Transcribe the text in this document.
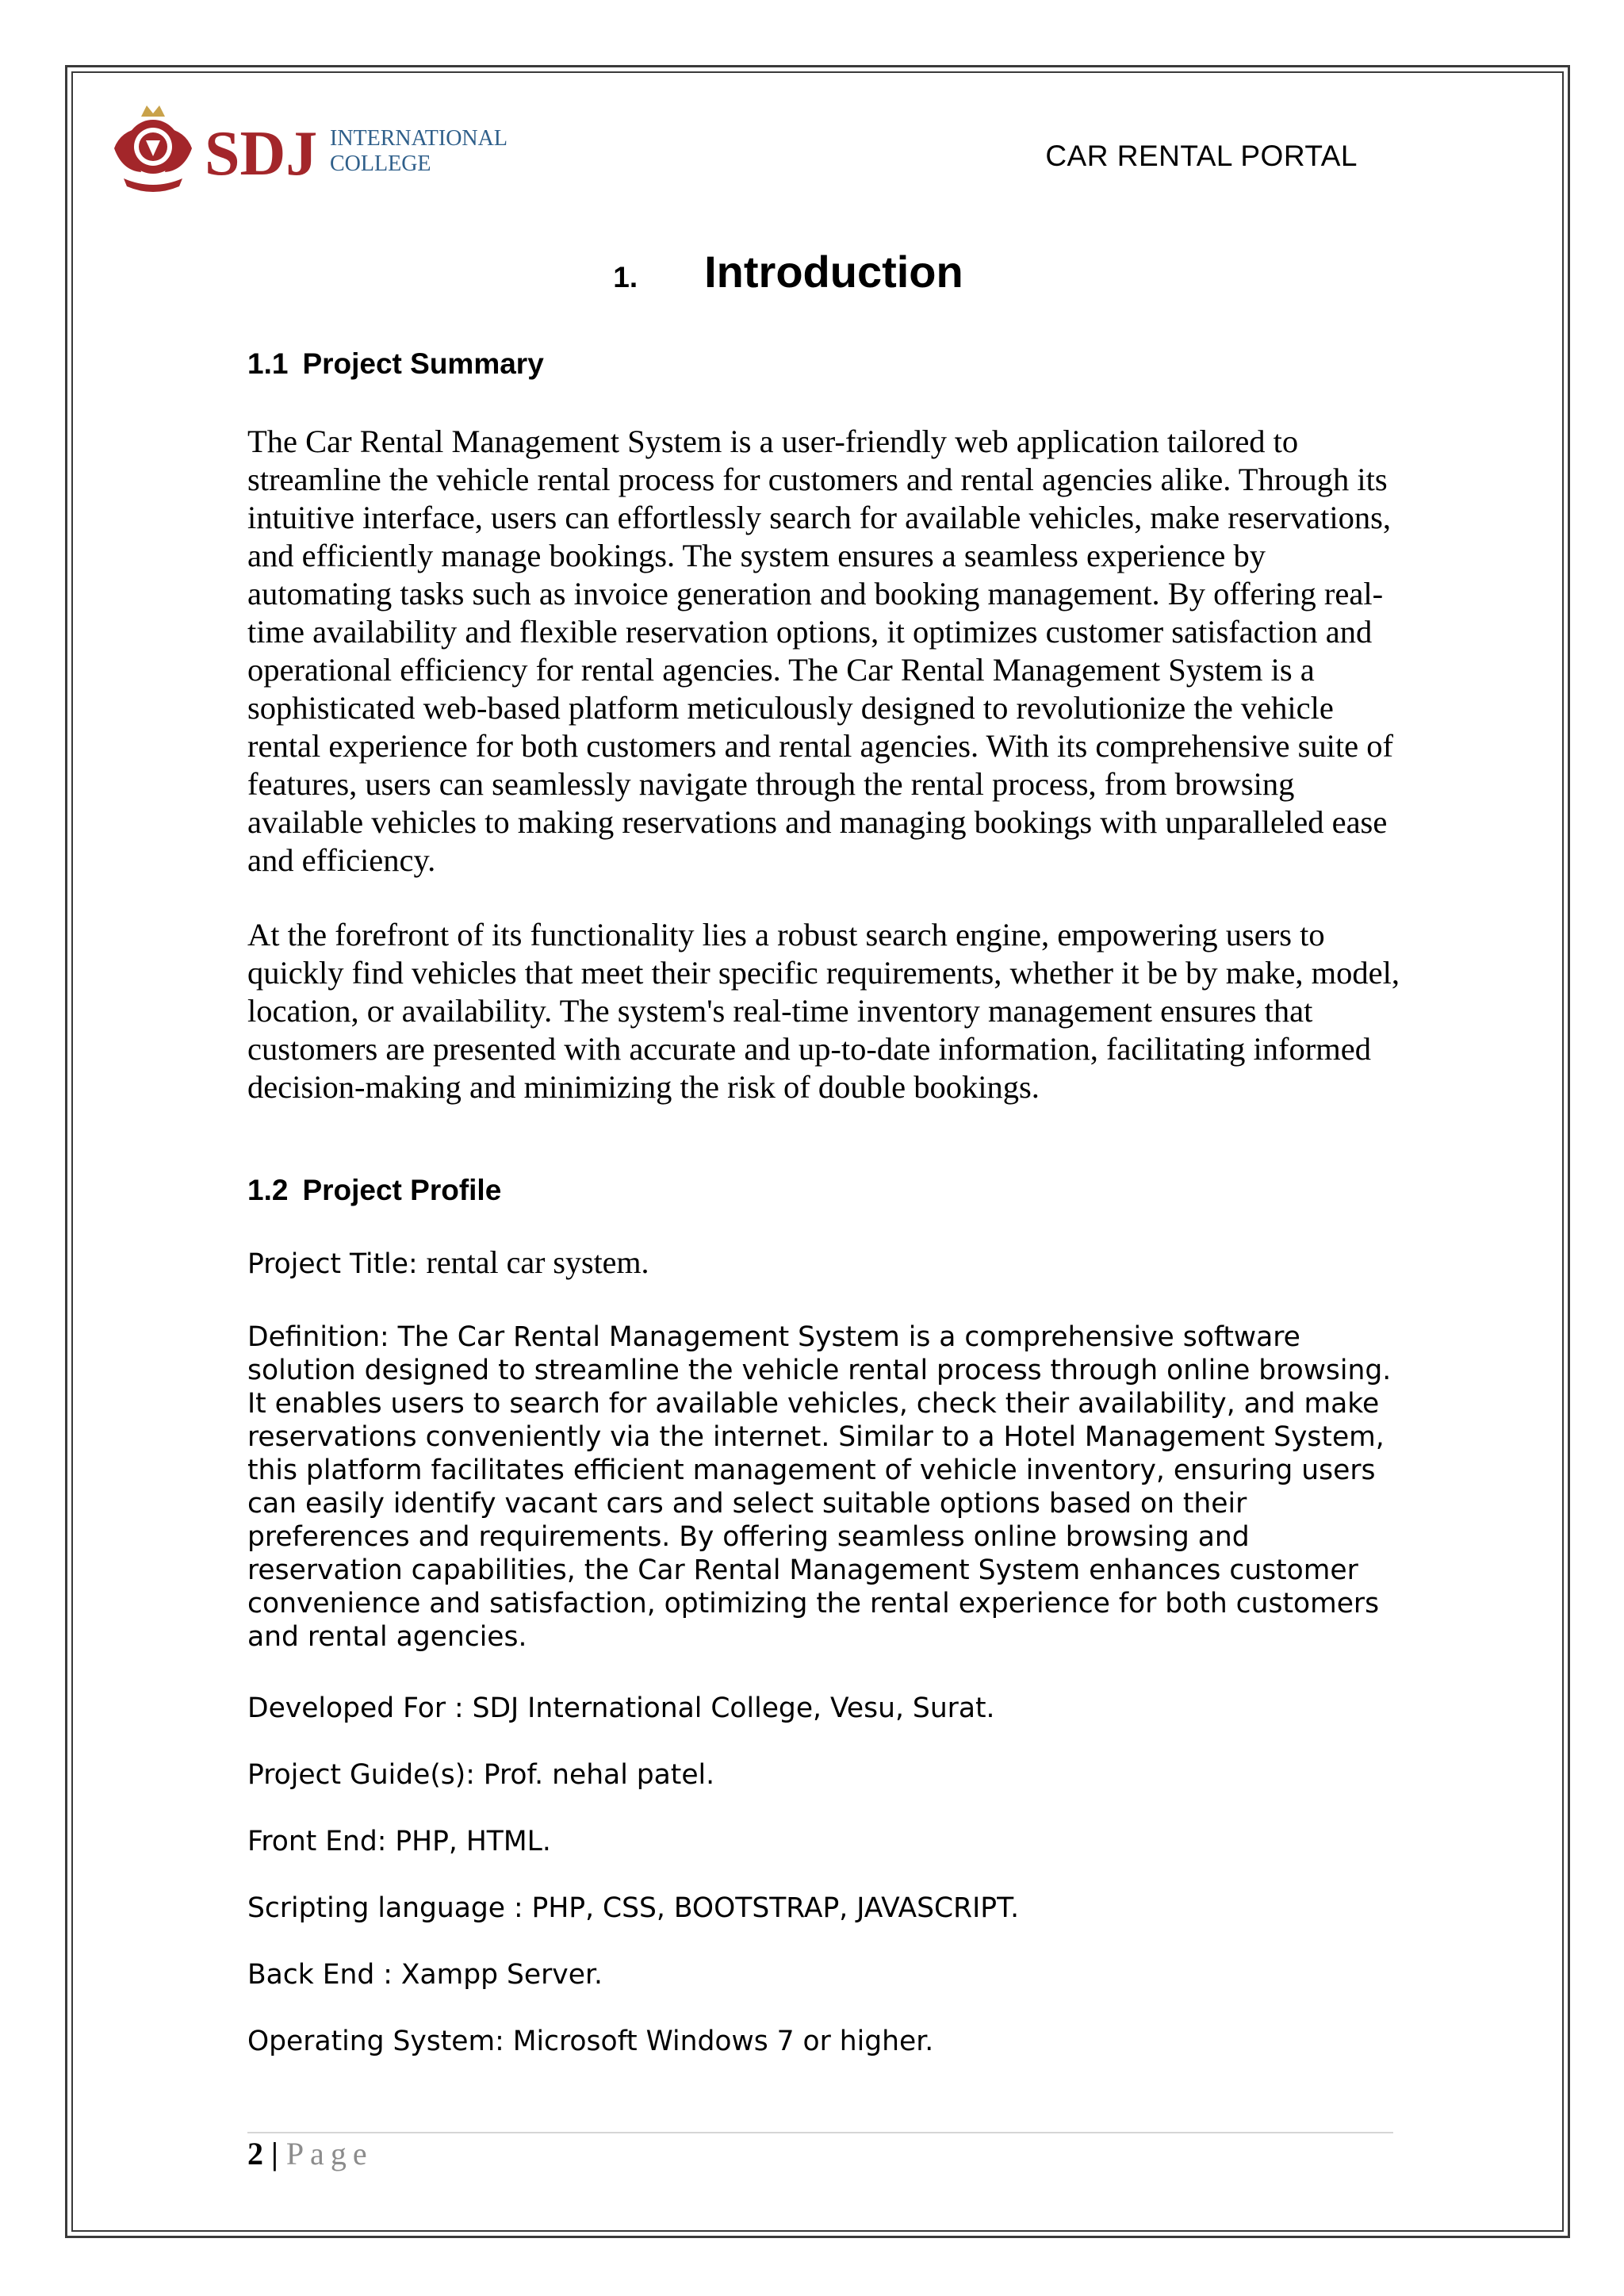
SDJ INTERNATIONAL
COLLEGE	CAR RENTAL PORTAL
1. Introduction
1.1 Project Summary
The Car Rental Management System is a user-friendly web application tailored to streamline the vehicle rental process for customers and rental agencies alike. Through its intuitive interface, users can effortlessly search for available vehicles, make reservations, and efficiently manage bookings. The system ensures a seamless experience by automating tasks such as invoice generation and booking management. By offering real-time availability and flexible reservation options, it optimizes customer satisfaction and operational efficiency for rental agencies. The Car Rental Management System is a sophisticated web-based platform meticulously designed to revolutionize the vehicle rental experience for both customers and rental agencies. With its comprehensive suite of features, users can seamlessly navigate through the rental process, from browsing available vehicles to making reservations and managing bookings with unparalleled ease and efficiency.
At the forefront of its functionality lies a robust search engine, empowering users to quickly find vehicles that meet their specific requirements, whether it be by make, model, location, or availability. The system's real-time inventory management ensures that customers are presented with accurate and up-to-date information, facilitating informed decision-making and minimizing the risk of double bookings.
1.2 Project Profile
Project Title: rental car system.
Definition: The Car Rental Management System is a comprehensive software solution designed to streamline the vehicle rental process through online browsing. It enables users to search for available vehicles, check their availability, and make reservations conveniently via the internet. Similar to a Hotel Management System, this platform facilitates efficient management of vehicle inventory, ensuring users can easily identify vacant cars and select suitable options based on their preferences and requirements. By offering seamless online browsing and reservation capabilities, the Car Rental Management System enhances customer convenience and satisfaction, optimizing the rental experience for both customers and rental agencies.
Developed For : SDJ International College, Vesu, Surat.
Project Guide(s): Prof. nehal patel.
Front End: PHP, HTML.
Scripting language : PHP, CSS, BOOTSTRAP, JAVASCRIPT.
Back End : Xampp Server.
Operating System: Microsoft Windows 7 or higher.
2 | Page
